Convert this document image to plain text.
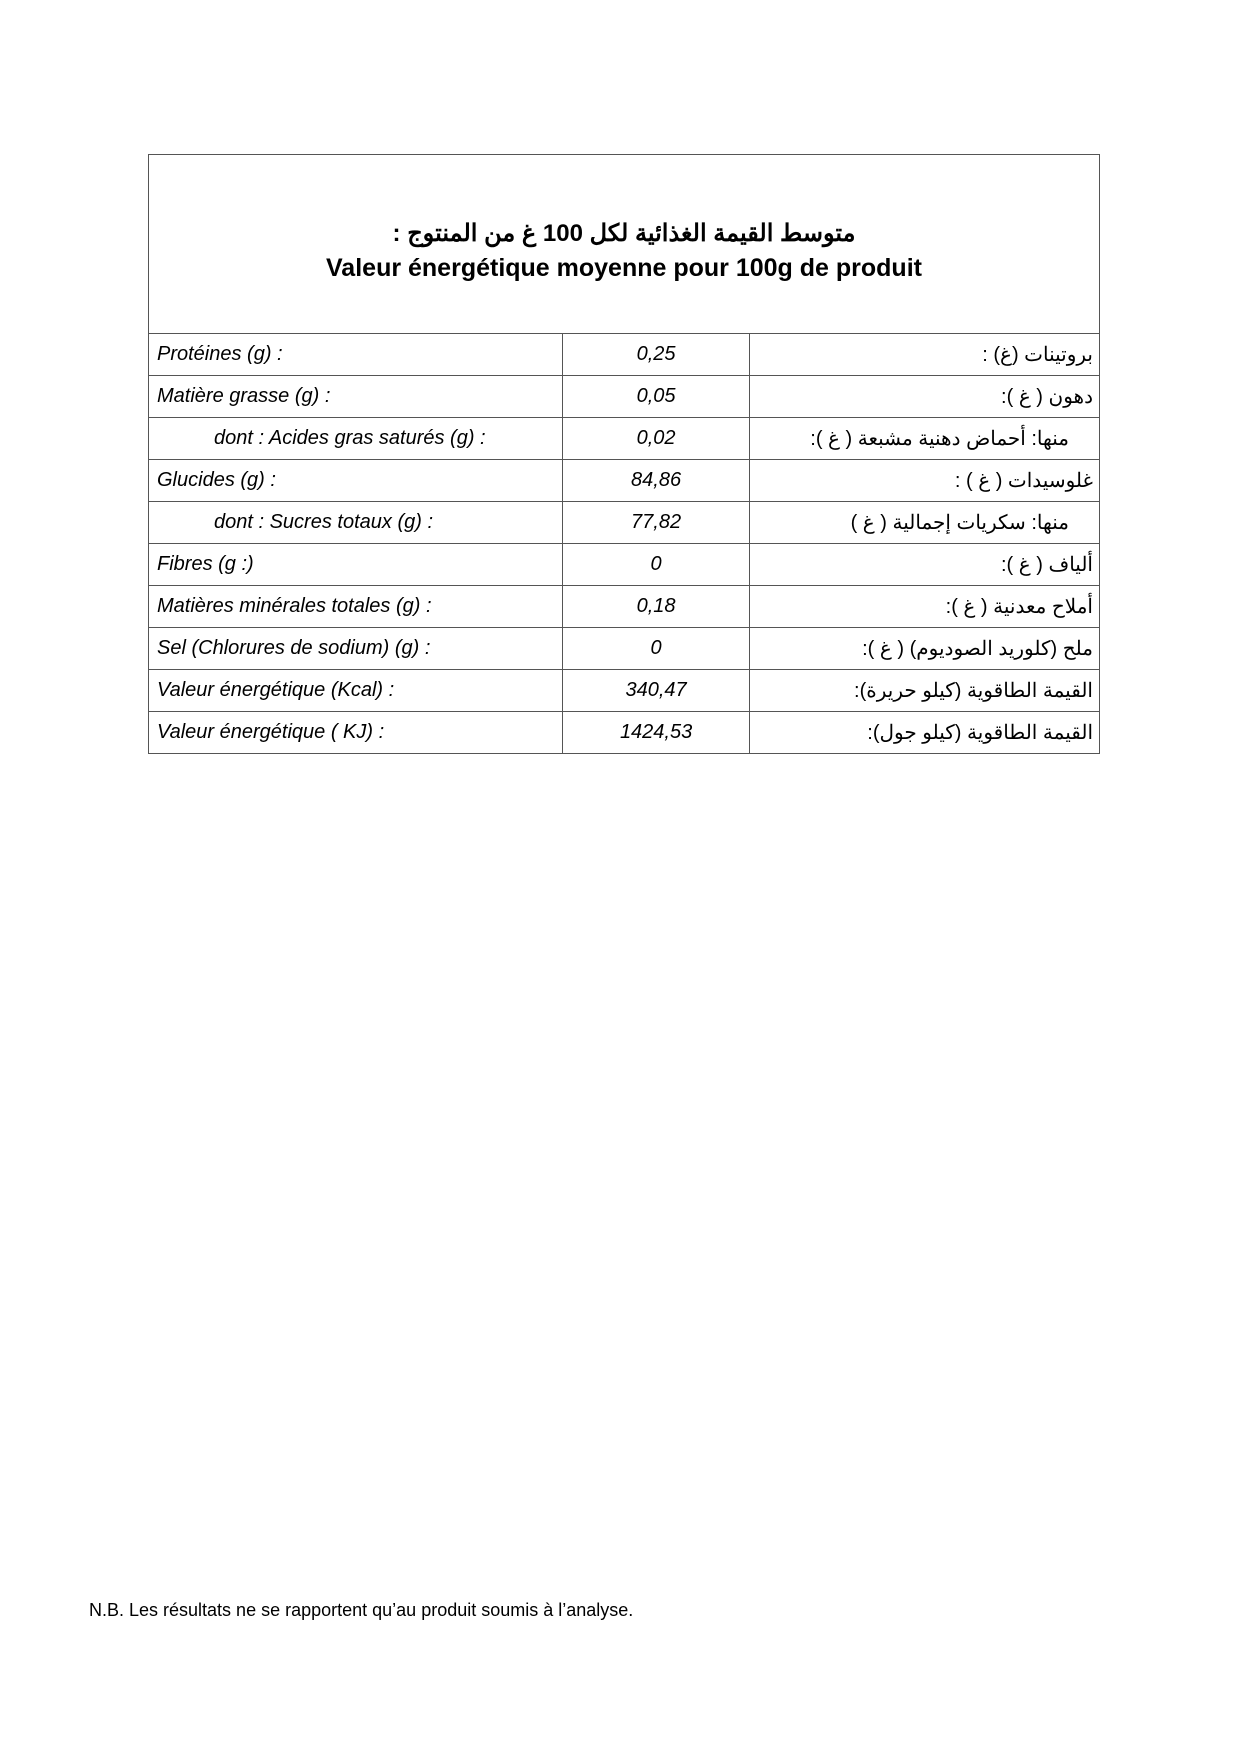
متوسط القيمة الغذائية لكل 100 غ من المنتوج :
Valeur énergétique moyenne pour 100g de produit		

Protéines (g) :	0,25	بروتينات (غ) :
Matière grasse (g) :	0,05	دهون ( غ ):
dont : Acides gras saturés (g) :	0,02	منها: أحماض دهنية مشبعة ( غ ):
Glucides (g) :	84,86	غلوسيدات ( غ ) :
dont : Sucres totaux (g) :	77,82	منها: سكريات إجمالية ( غ )
Fibres (g :)	0	ألياف ( غ ):
Matières minérales totales (g) :	0,18	أملاح معدنية ( غ ):
Sel (Chlorures de sodium) (g) :	0	ملح (كلوريد الصوديوم) ( غ ):
Valeur énergétique (Kcal) :	340,47	القيمة الطاقوية (كيلو حريرة):
Valeur énergétique ( KJ) :	1424,53	القيمة الطاقوية (كيلو جول):
N.B. Les résultats ne se rapportent qu’au produit soumis à l’analyse.
